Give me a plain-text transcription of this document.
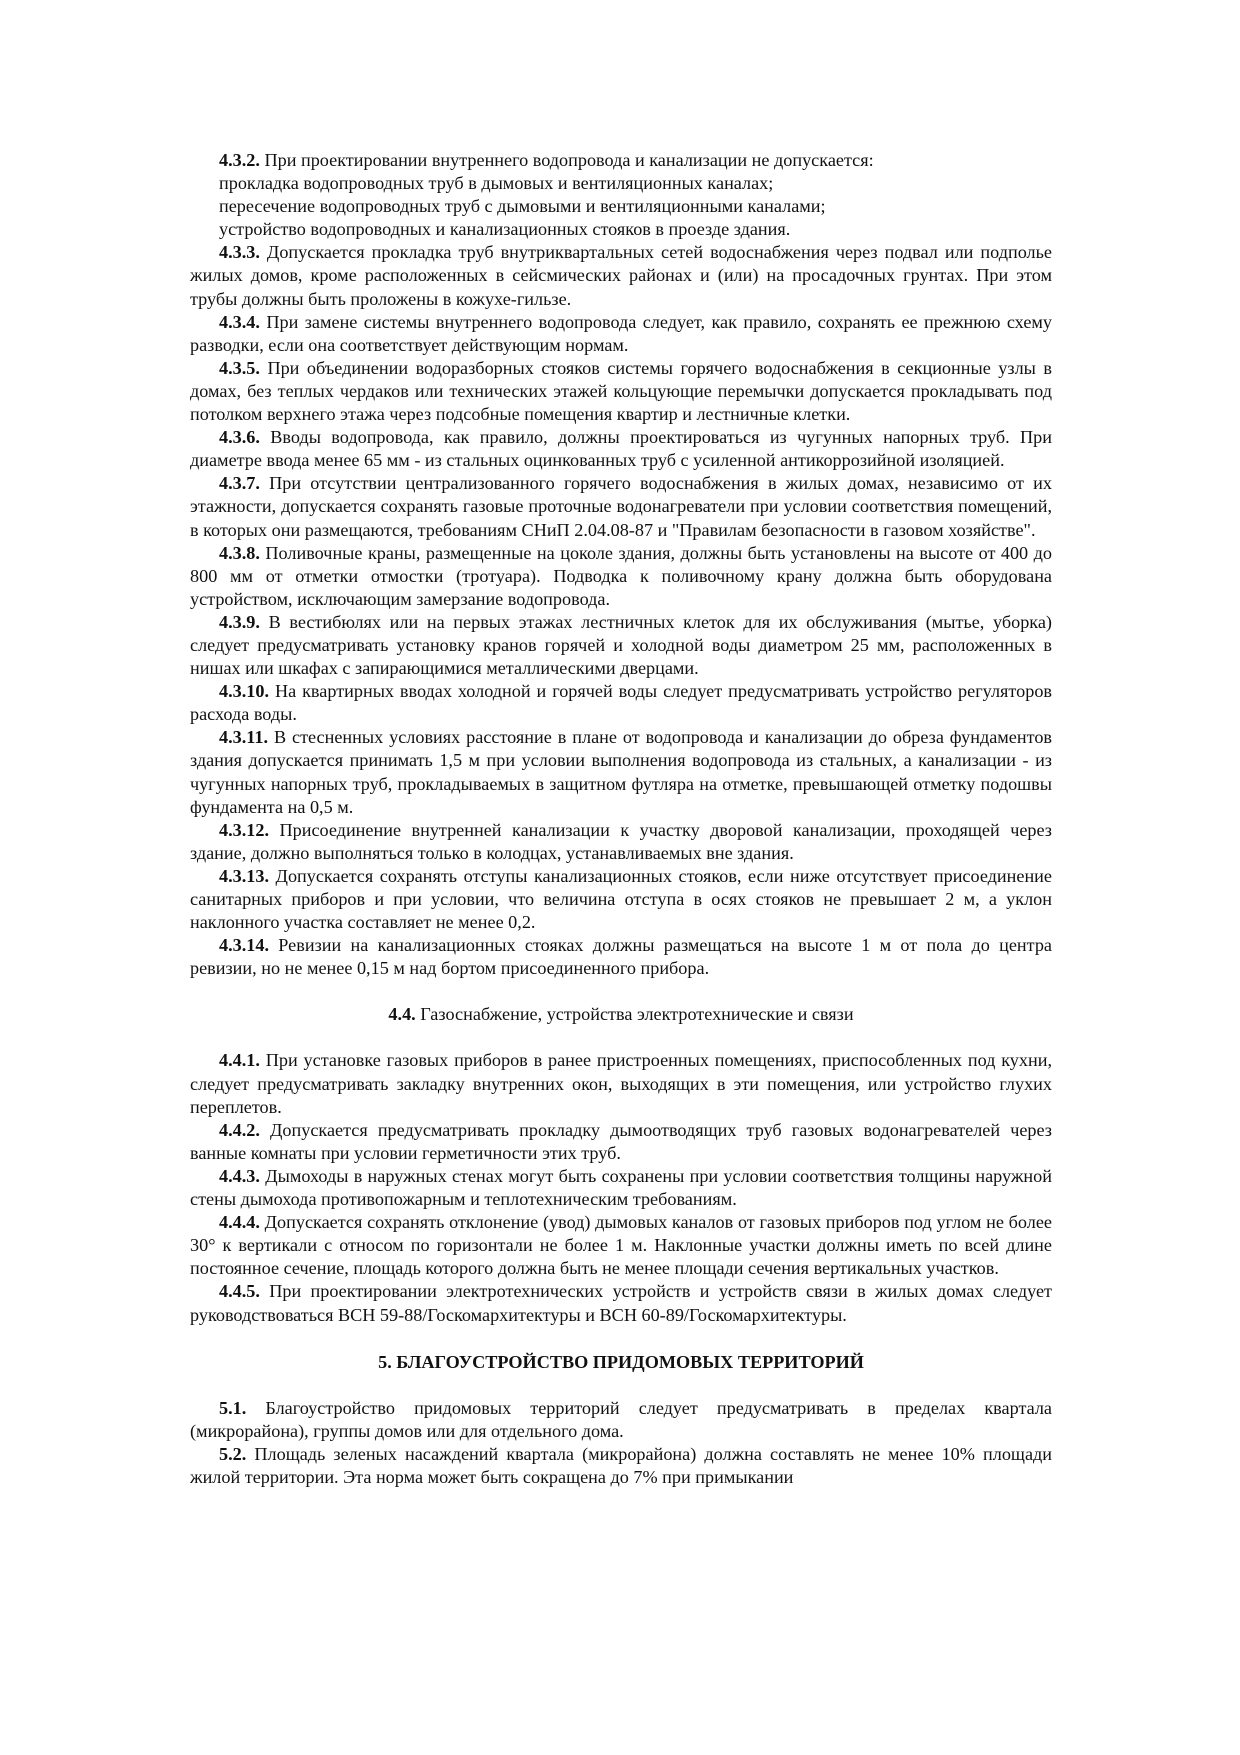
4.3.2. При проектировании внутреннего водопровода и канализации не допускается:

прокладка водопроводных труб в дымовых и вентиляционных каналах;

пересечение водопроводных труб с дымовыми и вентиляционными каналами;

устройство водопроводных и канализационных стояков в проезде здания.

4.3.3. Допускается прокладка труб внутриквартальных сетей водоснабжения через подвал или подполье жилых домов, кроме расположенных в сейсмических районах и (или) на просадочных грунтах. При этом трубы должны быть проложены в кожухе-гильзе.

4.3.4. При замене системы внутреннего водопровода следует, как правило, сохранять ее прежнюю схему разводки, если она соответствует действующим нормам.

4.3.5. При объединении водоразборных стояков системы горячего водоснабжения в секционные узлы в домах, без теплых чердаков или технических этажей кольцующие перемычки допускается прокладывать под потолком верхнего этажа через подсобные помещения квартир и лестничные клетки.

4.3.6. Вводы водопровода, как правило, должны проектироваться из чугунных напорных труб. При диаметре ввода менее 65 мм - из стальных оцинкованных труб с усиленной антикоррозийной изоляцией.

4.3.7. При отсутствии централизованного горячего водоснабжения в жилых домах, независимо от их этажности, допускается сохранять газовые проточные водонагреватели при условии соответствия помещений, в которых они размещаются, требованиям СНиП 2.04.08-87 и "Правилам безопасности в газовом хозяйстве".

4.3.8. Поливочные краны, размещенные на цоколе здания, должны быть установлены на высоте от 400 до 800 мм от отметки отмостки (тротуара). Подводка к поливочному крану должна быть оборудована устройством, исключающим замерзание водопровода.

4.3.9. В вестибюлях или на первых этажах лестничных клеток для их обслуживания (мытье, уборка) следует предусматривать установку кранов горячей и холодной воды диаметром 25 мм, расположенных в нишах или шкафах с запирающимися металлическими дверцами.

4.3.10. На квартирных вводах холодной и горячей воды следует предусматривать устройство регуляторов расхода воды.

4.3.11. В стесненных условиях расстояние в плане от водопровода и канализации до обреза фундаментов здания допускается принимать 1,5 м при условии выполнения водопровода из стальных, а канализации - из чугунных напорных труб, прокладываемых в защитном футляра на отметке, превышающей отметку подошвы фундамента на 0,5 м.

4.3.12. Присоединение внутренней канализации к участку дворовой канализации, проходящей через здание, должно выполняться только в колодцах, устанавливаемых вне здания.

4.3.13. Допускается сохранять отступы канализационных стояков, если ниже отсутствует присоединение санитарных приборов и при условии, что величина отступа в осях стояков не превышает 2 м, а уклон наклонного участка составляет не менее 0,2.

4.3.14. Ревизии на канализационных стояках должны размещаться на высоте 1 м от пола до центра ревизии, но не менее 0,15 м над бортом присоединенного прибора.

4.4. Газоснабжение, устройства электротехнические и связи

4.4.1. При установке газовых приборов в ранее пристроенных помещениях, приспособленных под кухни, следует предусматривать закладку внутренних окон, выходящих в эти помещения, или устройство глухих переплетов.

4.4.2. Допускается предусматривать прокладку дымоотводящих труб газовых водонагревателей через ванные комнаты при условии герметичности этих труб.

4.4.3. Дымоходы в наружных стенах могут быть сохранены при условии соответствия толщины наружной стены дымохода противопожарным и теплотехническим требованиям.

4.4.4. Допускается сохранять отклонение (увод) дымовых каналов от газовых приборов под углом не более 30° к вертикали с относом по горизонтали не более 1 м. Наклонные участки должны иметь по всей длине постоянное сечение, площадь которого должна быть не менее площади сечения вертикальных участков.

4.4.5. При проектировании электротехнических устройств и устройств связи в жилых домах следует руководствоваться ВСН 59-88/Госкомархитектуры и ВСН 60-89/Госкомархитектуры.

5. БЛАГОУСТРОЙСТВО ПРИДОМОВЫХ ТЕРРИТОРИЙ

5.1. Благоустройство придомовых территорий следует предусматривать в пределах квартала (микрорайона), группы домов или для отдельного дома.

5.2. Площадь зеленых насаждений квартала (микрорайона) должна составлять не менее 10% площади жилой территории. Эта норма может быть сокращена до 7% при примыкании
